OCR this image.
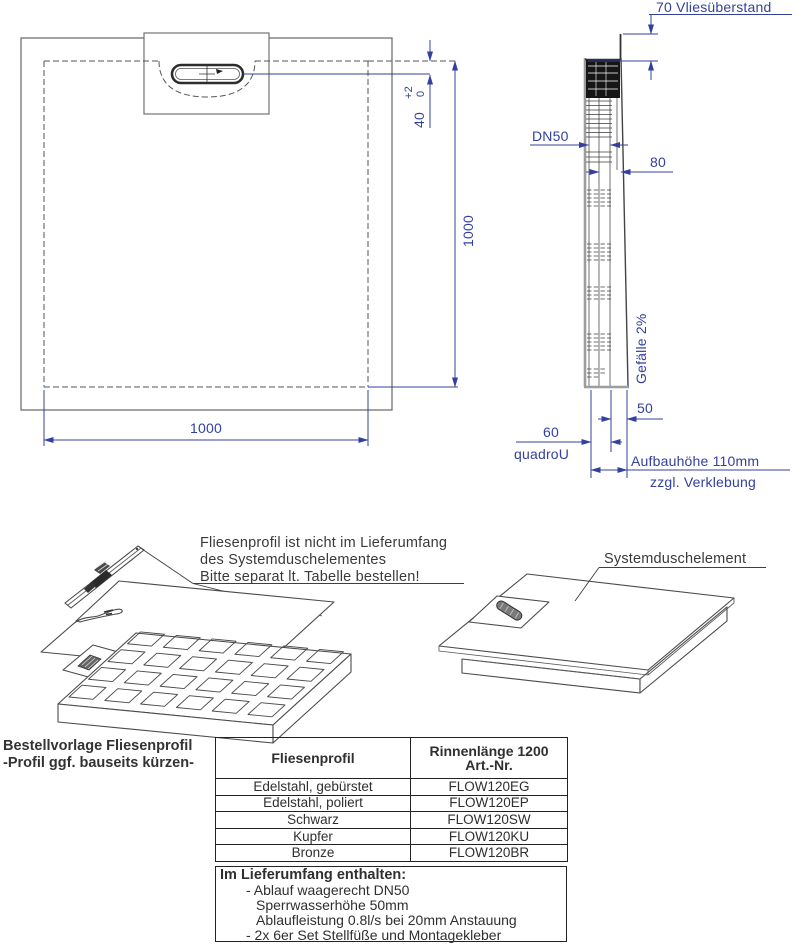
40
+2 0
1000
1000
70 Vliesüberstand
DN50
80
Gefälle 2%
50
60
quadroU	Aufbauhöhe 110mm
zzgl. Verklebung
Fliesenprofil ist nicht im Lieferumfang
des Systemduschelementes
Bitte separat lt. Tabelle bestellen!
Systemduschelement
Bestellvorlage Fliesenprofil
-Profil ggf. bauseits kürzen-	Fliesenprofil	Rinnenlänge 1200
Art.-Nr.
Edelstahl, gebürstet	FLOW120EG
Edelstahl, poliert	FLOW120EP
Schwarz	FLOW120SW
Kupfer	FLOW120KU
Bronze	FLOW120BR
Im Lieferumfang enthalten:
- Ablauf waagerecht DN50
Sperrwasserhöhe 50mm
Ablaufleistung 0.8l/s bei 20mm Anstauung
- 2x 6er Set Stellfüße und Montagekleber
